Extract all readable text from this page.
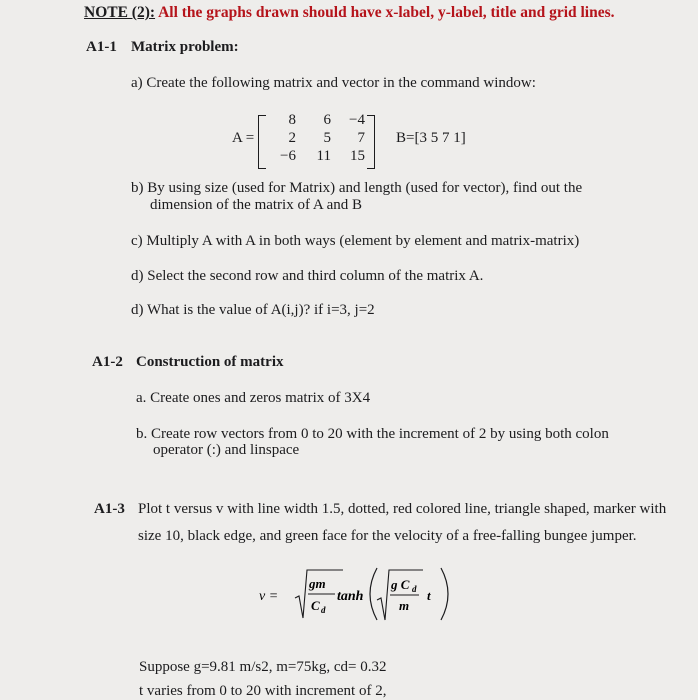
NOTE (2): All the graphs drawn should have x-label, y-label, title and grid lines.
A1-1 Matrix problem:
a) Create the following matrix and vector in the command window:
A =
8	6	−4
2	5	7
−6	11	15
B=[3 5 7 1]
b) By using size (used for Matrix) and length (used for vector), find out the
dimension of the matrix of A and B
c) Multiply A with A in both ways (element by element and matrix-matrix)
d) Select the second row and third column of the matrix A.
d) What is the value of A(i,j)? if i=3, j=2
A1-2 Construction of matrix
a. Create ones and zeros matrix of 3X4
b. Create row vectors from 0 to 20 with the increment of 2 by using both colon
operator (:) and linspace
A1-3 Plot t versus v with line width 1.5, dotted, red colored line, triangle shaped, marker with
size 10, black edge, and green face for the velocity of a free-falling bungee jumper.
v =
gm
C d
tanh
g C d
m
t
Suppose g=9.81 m/s2, m=75kg, cd= 0.32
t varies from 0 to 20 with increment of 2,
